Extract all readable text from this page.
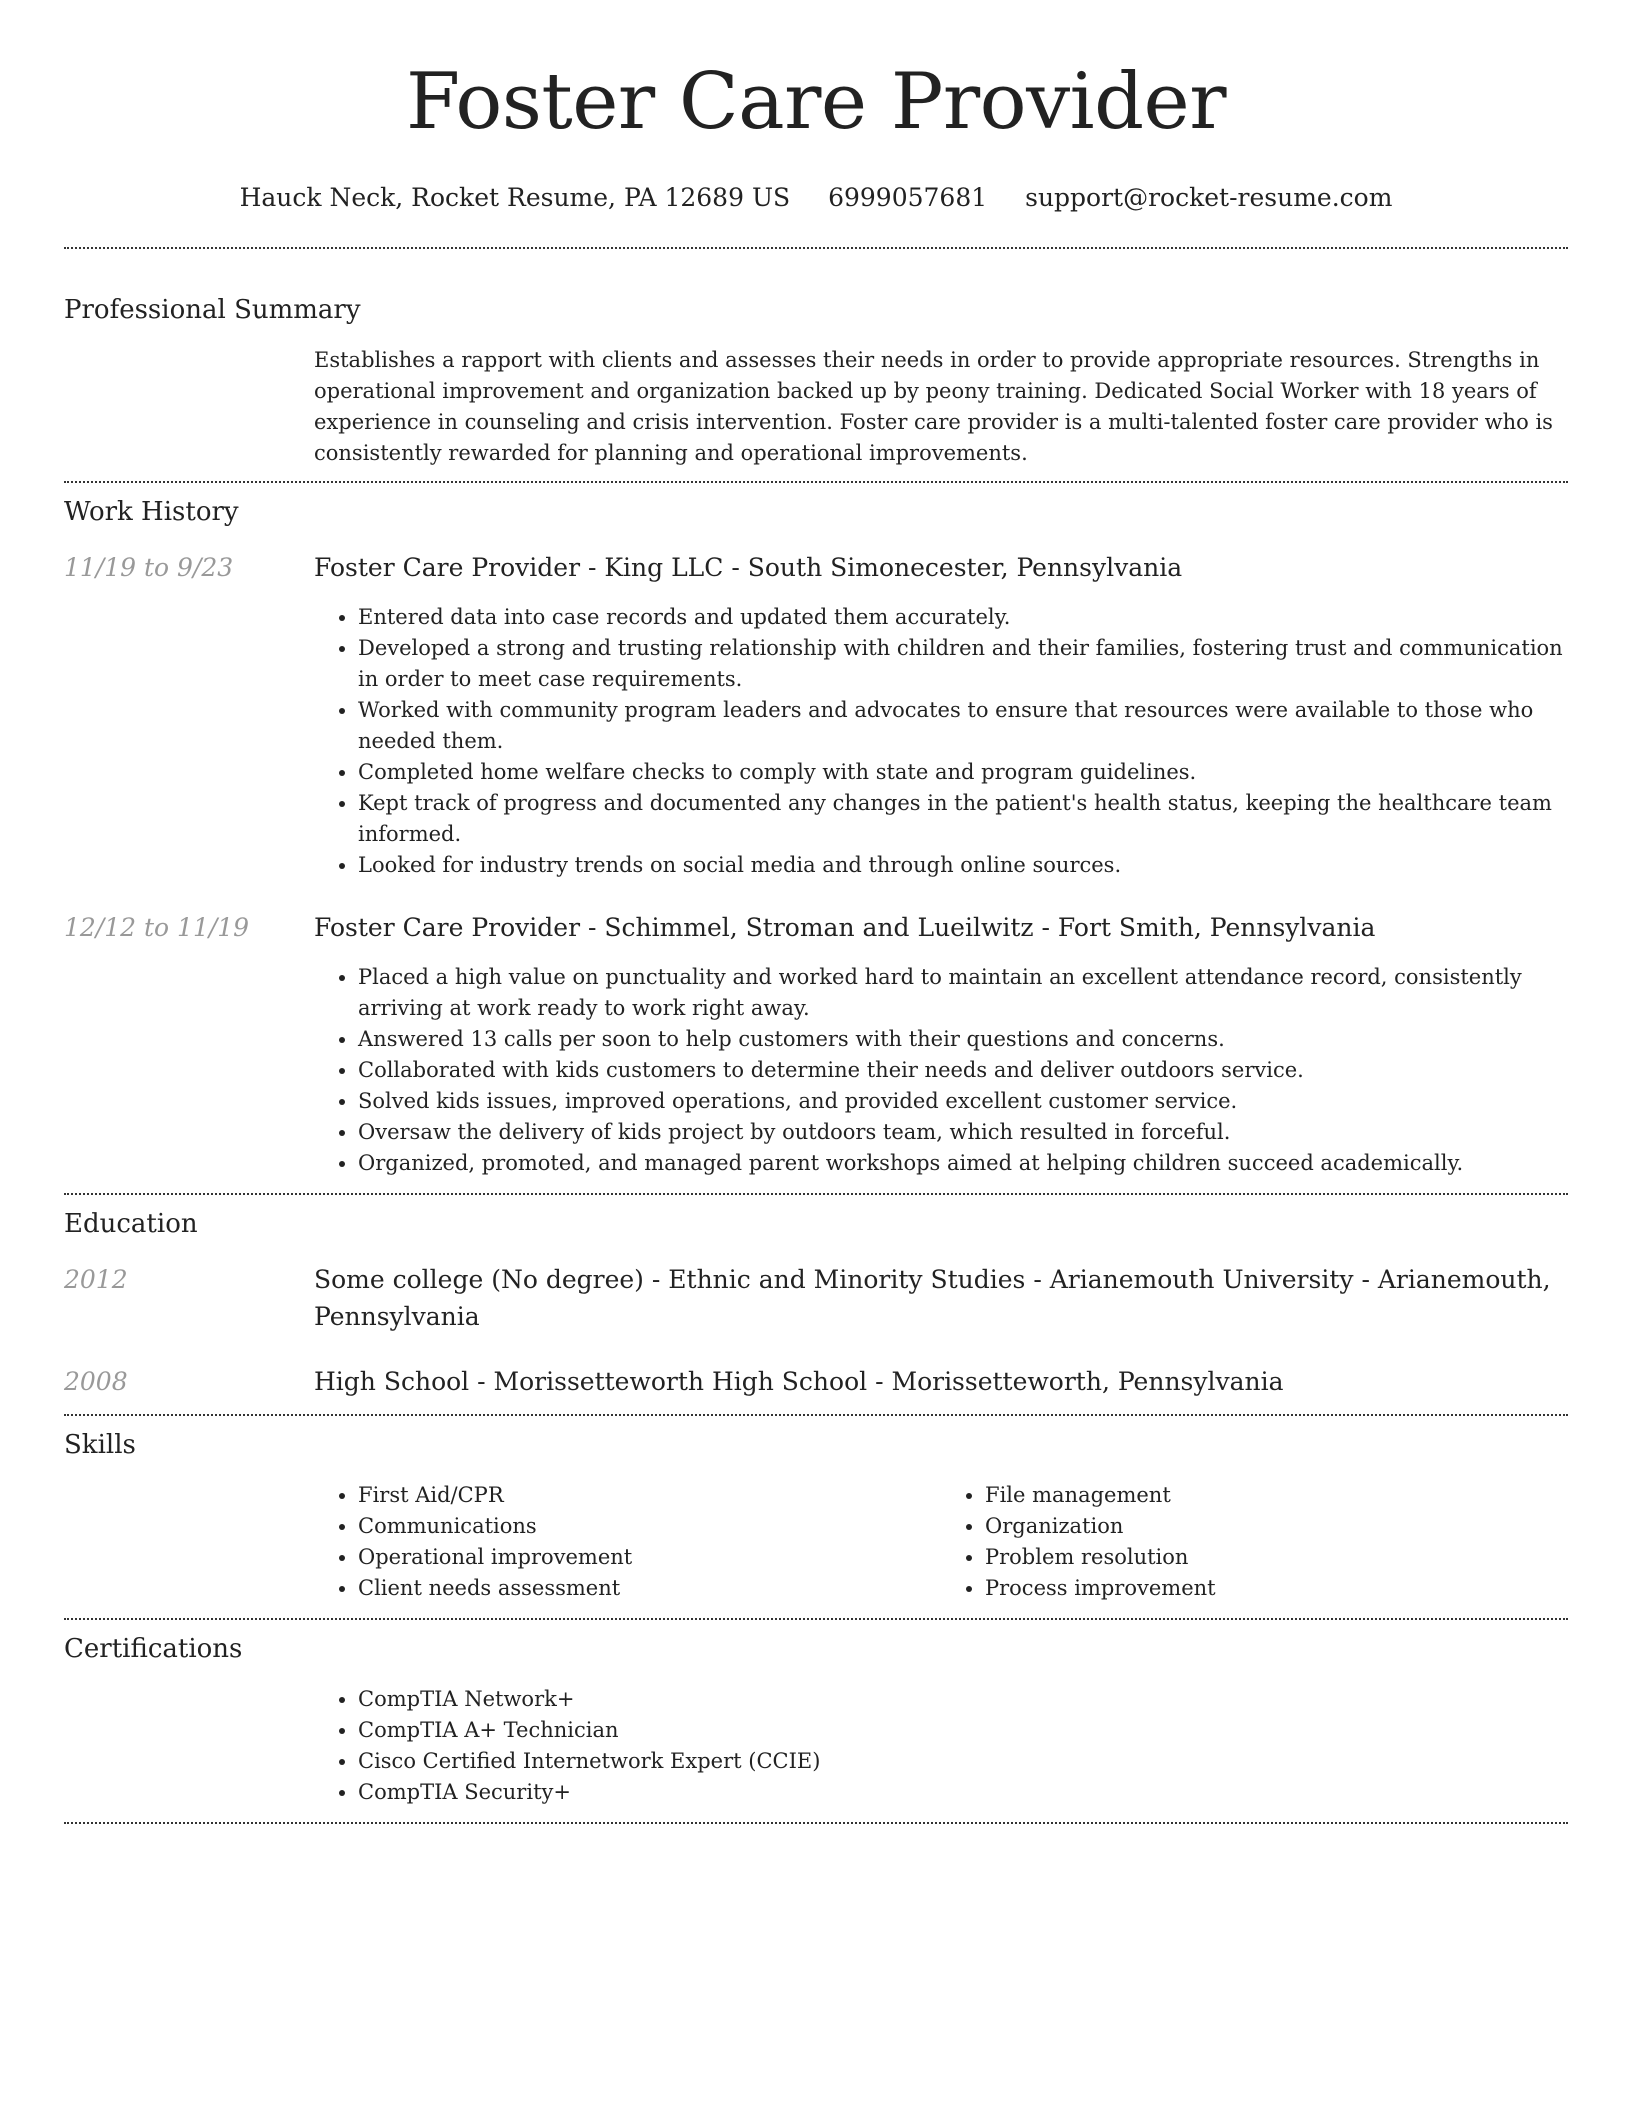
Foster Care Provider
Hauck Neck, Rocket Resume, PA 12689 US 6999057681 support@rocket-resume.com
Professional Summary

Establishes a rapport with clients and assesses their needs in order to provide appropriate resources. Strengths in operational improvement and organization backed up by peony training. Dedicated Social Worker with 18 years of experience in counseling and crisis intervention. Foster care provider is a multi-talented foster care provider who is consistently rewarded for planning and operational improvements.

Work History
11/19 to 9/23	Foster Care Provider - King LLC - South Simonecester, Pennsylvania

• Entered data into case records and updated them accurately.
• Developed a strong and trusting relationship with children and their families, fostering trust and communication in order to meet case requirements.
• Worked with community program leaders and advocates to ensure that resources were available to those who needed them.
• Completed home welfare checks to comply with state and program guidelines.
• Kept track of progress and documented any changes in the patient's health status, keeping the healthcare team informed.
• Looked for industry trends on social media and through online sources.
12/12 to 11/19	Foster Care Provider - Schimmel, Stroman and Lueilwitz - Fort Smith, Pennsylvania

• Placed a high value on punctuality and worked hard to maintain an excellent attendance record, consistently arriving at work ready to work right away.
• Answered 13 calls per soon to help customers with their questions and concerns.
• Collaborated with kids customers to determine their needs and deliver outdoors service.
• Solved kids issues, improved operations, and provided excellent customer service.
• Oversaw the delivery of kids project by outdoors team, which resulted in forceful.
• Organized, promoted, and managed parent workshops aimed at helping children succeed academically.
Education
2012	Some college (No degree) - Ethnic and Minority Studies - Arianemouth University - Arianemouth, Pennsylvania

2008	High School - Morissetteworth High School - Morissetteworth, Pennsylvania

Skills
• First Aid/CPR
• Communications
• Operational improvement
• Client needs assessment
• File management
• Organization
• Problem resolution
• Process improvement
Certifications
• CompTIA Network+
• CompTIA A+ Technician
• Cisco Certified Internetwork Expert (CCIE)
• CompTIA Security+
